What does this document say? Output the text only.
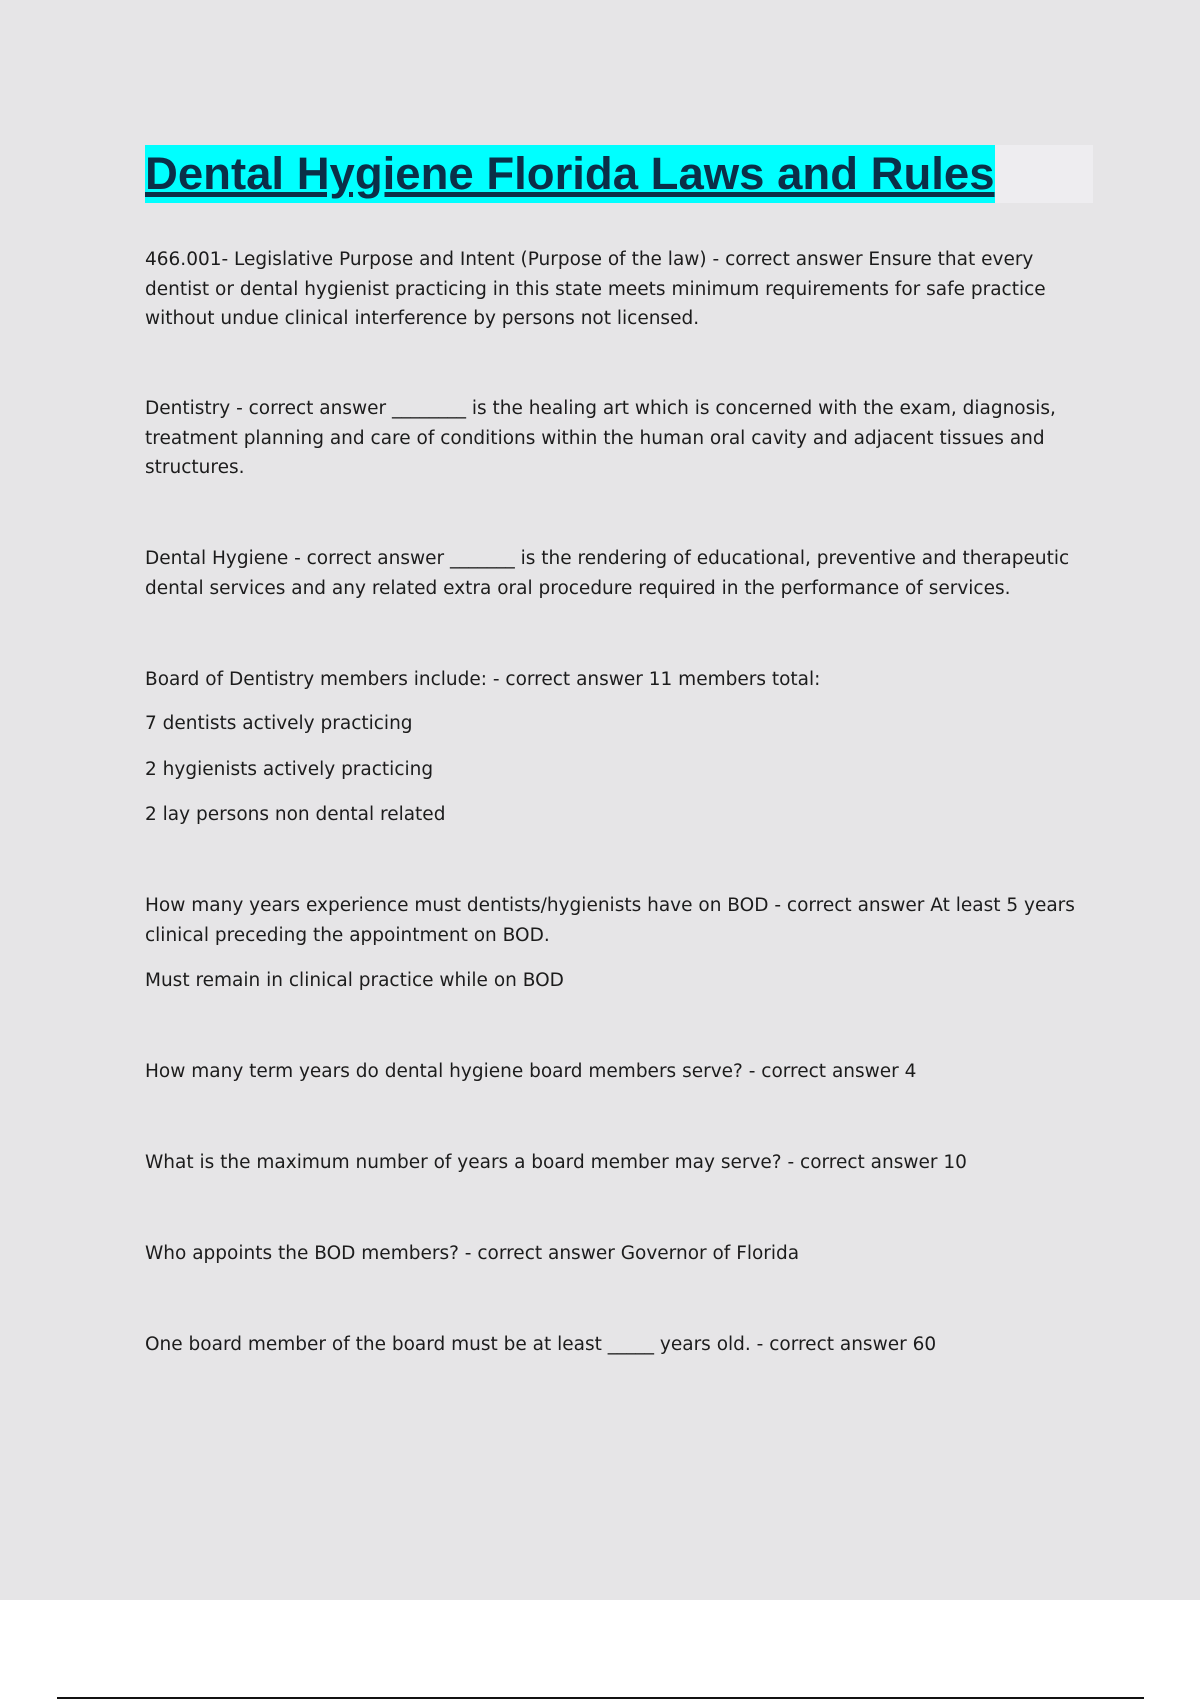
Dental Hygiene Florida Laws and Rules

466.001- Legislative Purpose and Intent (Purpose of the law) - correct answer Ensure that every dentist or dental hygienist practicing in this state meets minimum requirements for safe practice without undue clinical interference by persons not licensed.

Dentistry - correct answer ________ is the healing art which is concerned with the exam, diagnosis, treatment planning and care of conditions within the human oral cavity and adjacent tissues and structures.

Dental Hygiene - correct answer _______ is the rendering of educational, preventive and therapeutic dental services and any related extra oral procedure required in the performance of services.

Board of Dentistry members include: - correct answer 11 members total:

7 dentists actively practicing

2 hygienists actively practicing

2 lay persons non dental related

How many years experience must dentists/hygienists have on BOD - correct answer At least 5 years clinical preceding the appointment on BOD.

Must remain in clinical practice while on BOD

How many term years do dental hygiene board members serve? - correct answer 4

What is the maximum number of years a board member may serve? - correct answer 10

Who appoints the BOD members? - correct answer Governor of Florida

One board member of the board must be at least _____ years old. - correct answer 60
